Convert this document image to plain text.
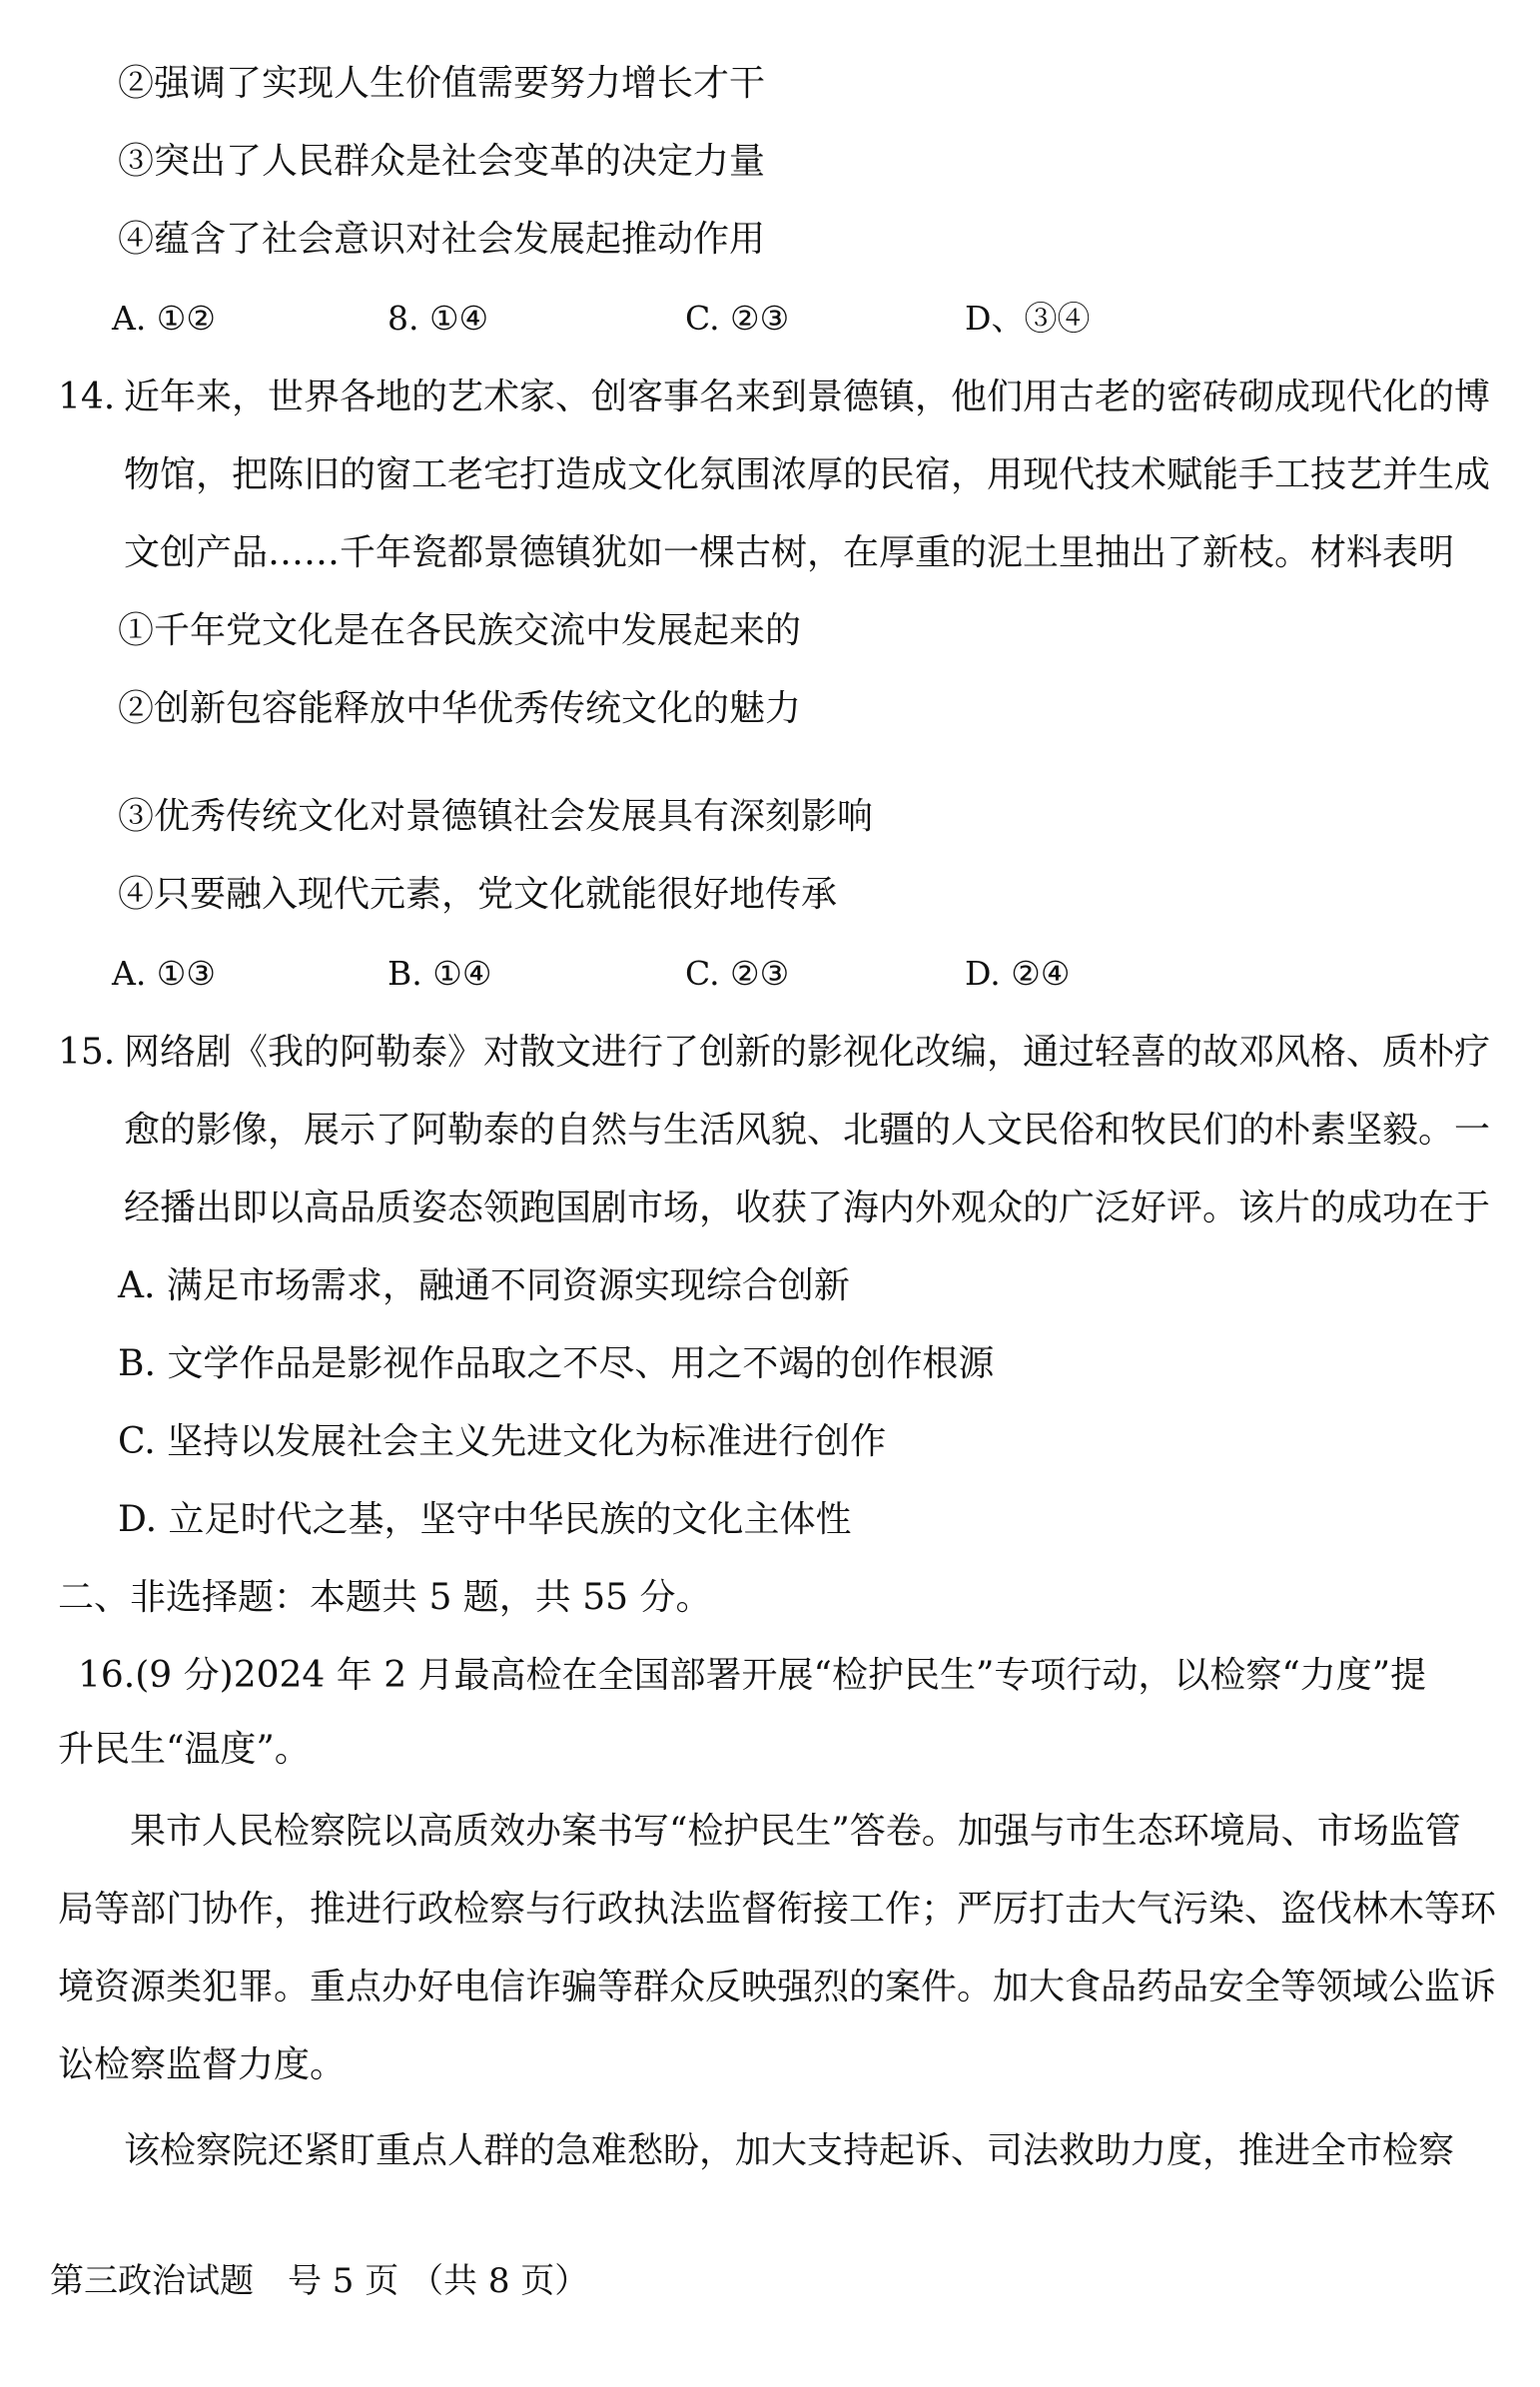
②强调了实现人生价值需要努力增长才干
③突出了人民群众是社会变革的决定力量
④蕴含了社会意识对社会发展起推动作用
A. ①②	8. ①④	C. ②③	D、③④
14. 近年来，世界各地的艺术家、创客事名来到景德镇，他们用古老的密砖砌成现代化的博
物馆，把陈旧的窗工老宅打造成文化氛围浓厚的民宿，用现代技术赋能手工技艺并生成
文创产品……千年瓷都景德镇犹如一棵古树，在厚重的泥土里抽出了新枝。材料表明
①千年党文化是在各民族交流中发展起来的
②创新包容能释放中华优秀传统文化的魅力
③优秀传统文化对景德镇社会发展具有深刻影响
④只要融入现代元素，党文化就能很好地传承
A. ①③	B. ①④	C. ②③	D. ②④
15. 网络剧《我的阿勒泰》对散文进行了创新的影视化改编，通过轻喜的故邓风格、质朴疗
愈的影像，展示了阿勒泰的自然与生活风貌、北疆的人文民俗和牧民们的朴素坚毅。一
经播出即以高品质姿态领跑国剧市场，收获了海内外观众的广泛好评。该片的成功在于
A. 满足市场需求，融通不同资源实现综合创新
B. 文学作品是影视作品取之不尽、用之不竭的创作根源
C. 坚持以发展社会主义先进文化为标准进行创作
D. 立足时代之基，坚守中华民族的文化主体性
二、非选择题：本题共 5 题，共 55 分。
16.(9 分)2024 年 2 月最高检在全国部署开展“检护民生”专项行动，以检察“力度”提
升民生“温度”。
果市人民检察院以高质效办案书写“检护民生”答卷。加强与市生态环境局、市场监管
局等部门协作，推进行政检察与行政执法监督衔接工作；严厉打击大气污染、盗伐林木等环
境资源类犯罪。重点办好电信诈骗等群众反映强烈的案件。加大食品药品安全等领域公监诉
讼检察监督力度。
该检察院还紧盯重点人群的急难愁盼，加大支持起诉、司法救助力度，推进全市检察
第三政治试题　号 5 页 （共 8 页）
